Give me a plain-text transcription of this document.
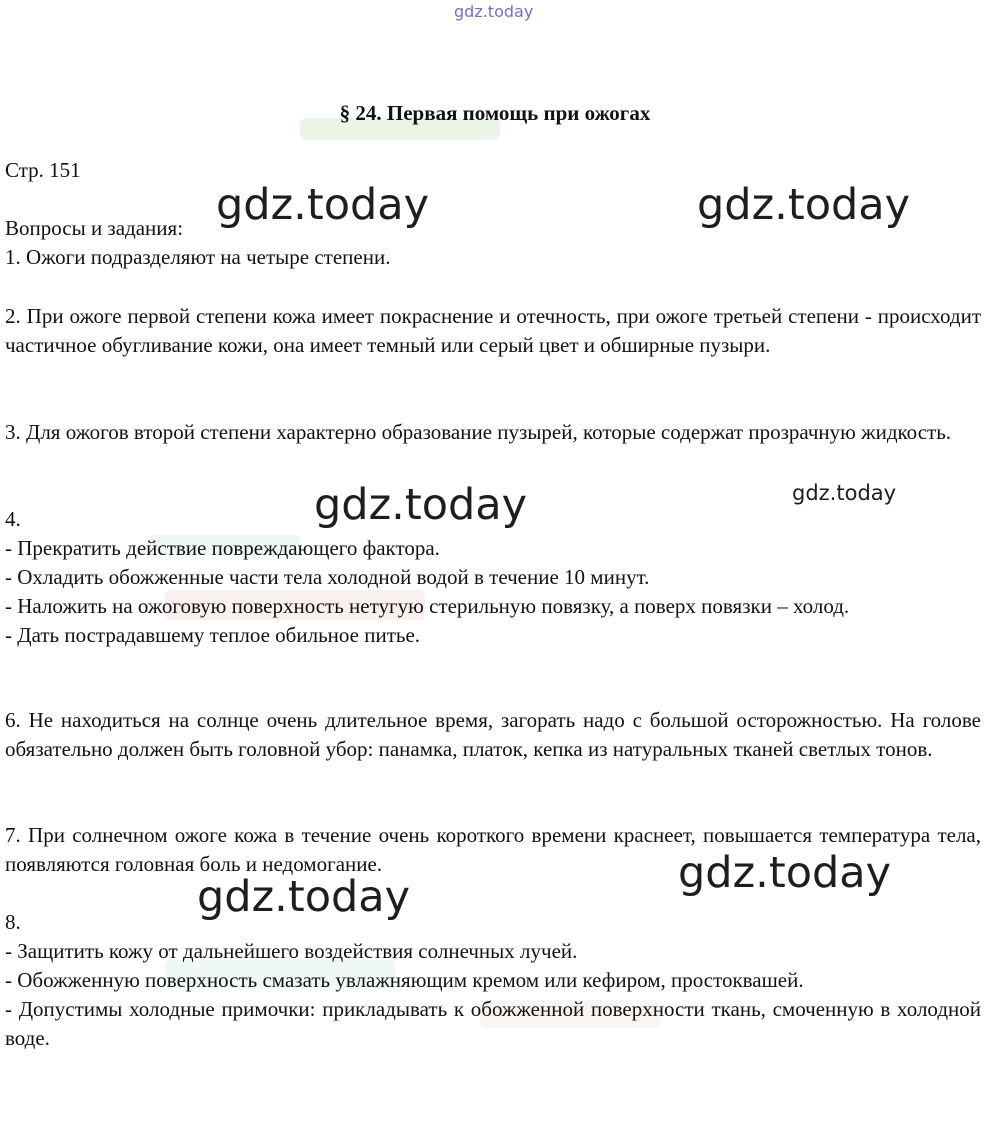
gdz.today
§ 24. Первая помощь при ожогах
Стр. 151
Вопросы и задания:
1. Ожоги подразделяют на четыре степени.
2. При ожоге первой степени кожа имеет покраснение и отечность, при ожоге третьей степени - происходит частичное обугливание кожи, она имеет темный или серый цвет и обширные пузыри.
3. Для ожогов второй степени характерно образование пузырей, которые содержат прозрачную жидкость.

4.

- Прекратить действие повреждающего фактора.

- Охладить обожженные части тела холодной водой в течение 10 минут.

- Наложить на ожоговую поверхность нетугую стерильную повязку, а поверх повязки – холод.

- Дать пострадавшему теплое обильное питье.

6. Не находиться на солнце очень длительное время, загорать надо с большой осторожностью. На голове обязательно должен быть головной убор: панамка, платок, кепка из натуральных тканей светлых тонов.
7. При солнечном ожоге кожа в течение очень короткого времени краснеет, повышается температура тела, появляются головная боль и недомогание.

8.

- Защитить кожу от дальнейшего воздействия солнечных лучей.

- Обожженную поверхность смазать увлажняющим кремом или кефиром, простоквашей.

- Допустимы холодные примочки: прикладывать к обожженной поверхности ткань, смоченную в холодной воде.

gdz.today	gdz.today
gdz.today	gdz.today
gdz.today
gdz.today
